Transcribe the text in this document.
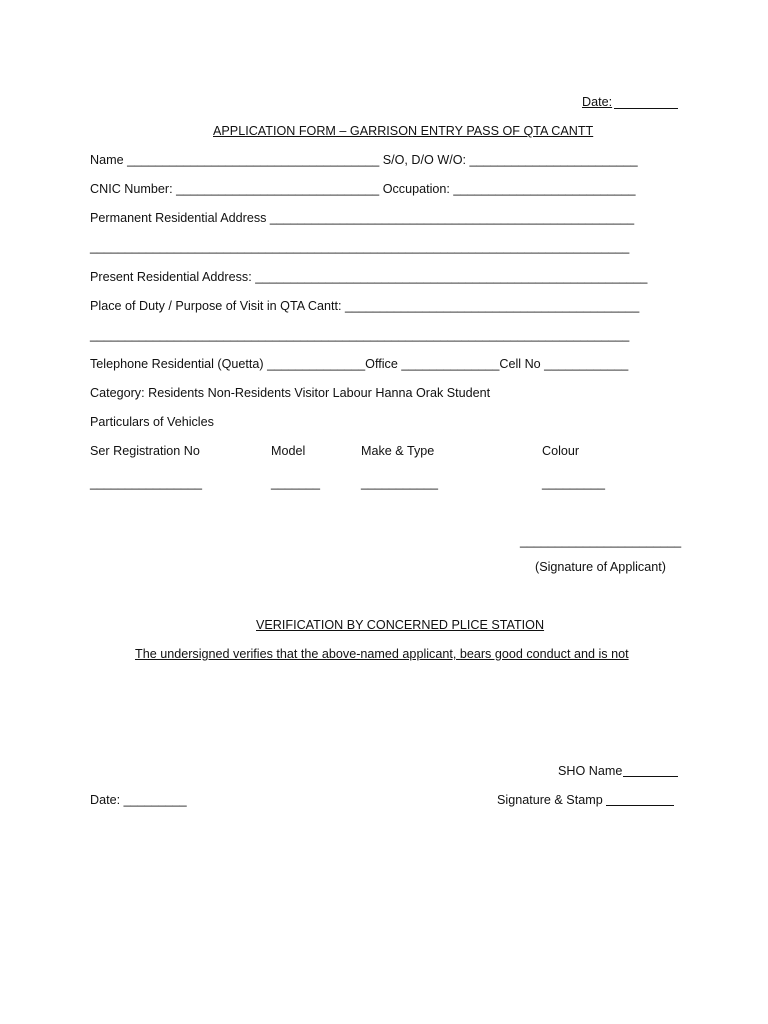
Date:
APPLICATION FORM – GARRISON ENTRY PASS OF QTA CANTT
Name ____________________________________ S/O, D/O W/O: ________________________
CNIC Number: _____________________________ Occupation: __________________________
Permanent Residential Address ____________________________________________________
_____________________________________________________________________________
Present Residential Address: ________________________________________________________
Place of Duty / Purpose of Visit in QTA Cantt: __________________________________________
_____________________________________________________________________________
Telephone Residential (Quetta) ______________Office ______________Cell No ____________
Category: Residents Non-Residents Visitor Labour Hanna Orak Student
Particulars of Vehicles
Ser Registration No	Model	Make & Type	Colour
________________	_______	___________	_________
_______________________
(Signature of Applicant)
VERIFICATION BY CONCERNED PLICE STATION
The undersigned verifies that the above-named applicant, bears good conduct and is not
SHO Name
Date: _________	Signature & Stamp
